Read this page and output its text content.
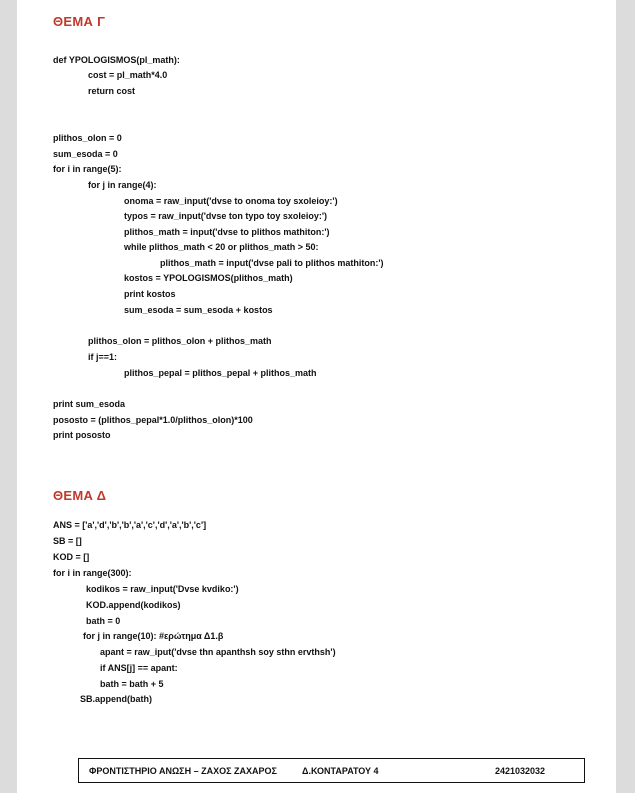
ΘΕΜΑ Γ
def YPOLOGISMOS(pl_math):
cost = pl_math*4.0
return cost
plithos_olon = 0
sum_esoda = 0
for i in range(5):
for j in range(4):
onoma = raw_input('dvse to onoma toy sxoleioy:')
typos = raw_input('dvse ton typo toy sxoleioy:')
plithos_math = input('dvse to plithos mathiton:')
while plithos_math < 20 or plithos_math > 50:
plithos_math = input('dvse pali to plithos mathiton:')
kostos = YPOLOGISMOS(plithos_math)
print kostos
sum_esoda = sum_esoda + kostos
plithos_olon = plithos_olon + plithos_math
if j==1:
plithos_pepal = plithos_pepal + plithos_math
print sum_esoda
pososto = (plithos_pepal*1.0/plithos_olon)*100
print pososto
ΘΕΜΑ Δ
ANS = ['a','d','b','b','a','c','d','a','b','c']
SB = []
KOD = []
for i in range(300):
kodikos = raw_input('Dvse kvdiko:')
KOD.append(kodikos)
bath = 0
for j in range(10): #ερώτημα Δ1.β
apant = raw_iput('dvse thn apanthsh soy sthn ervthsh')
if ANS[j] == apant:
bath = bath + 5
SB.append(bath)
ΦΡΟΝΤΙΣΤΗΡΙΟ ΑΝΩΣΗ – ΖΑΧΟΣ ΖΑΧΑΡΟΣ	Δ.ΚΟΝΤΑΡΑΤΟΥ 4	2421032032
